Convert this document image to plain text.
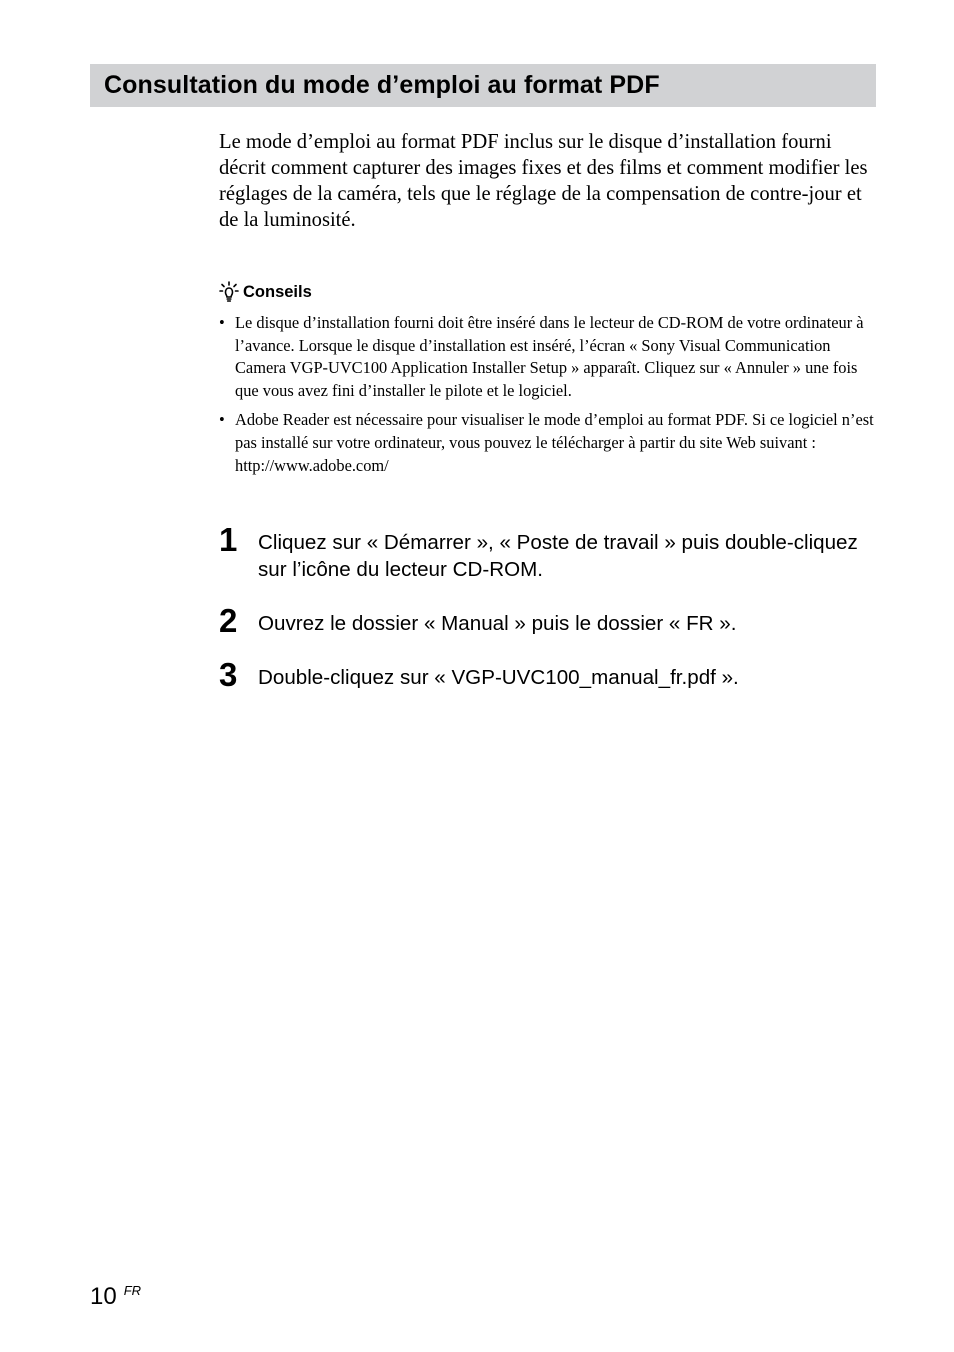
Consultation du mode d’emploi au format PDF

Le mode d’emploi au format PDF inclus sur le disque d’installation fourni décrit comment capturer des images fixes et des films et comment modifier les réglages de la caméra, tels que le réglage de la compensation de contre-jour et de la luminosité.

Conseils
• Le disque d’installation fourni doit être inséré dans le lecteur de CD-ROM de votre ordinateur à l’avance. Lorsque le disque d’installation est inséré, l’écran « Sony Visual Communication Camera VGP-UVC100 Application Installer Setup » apparaît. Cliquez sur « Annuler » une fois que vous avez fini d’installer le pilote et le logiciel.
• Adobe Reader est nécessaire pour visualiser le mode d’emploi au format PDF. Si ce logiciel n’est pas installé sur votre ordinateur, vous pouvez le télécharger à partir du site Web suivant :
http://www.adobe.com/
1 Cliquez sur « Démarrer », « Poste de travail » puis double-cliquez sur l’icône du lecteur CD-ROM.
2 Ouvrez le dossier « Manual » puis le dossier « FR ».
3 Double-cliquez sur « VGP-UVC100_manual_fr.pdf ».
10 FR
